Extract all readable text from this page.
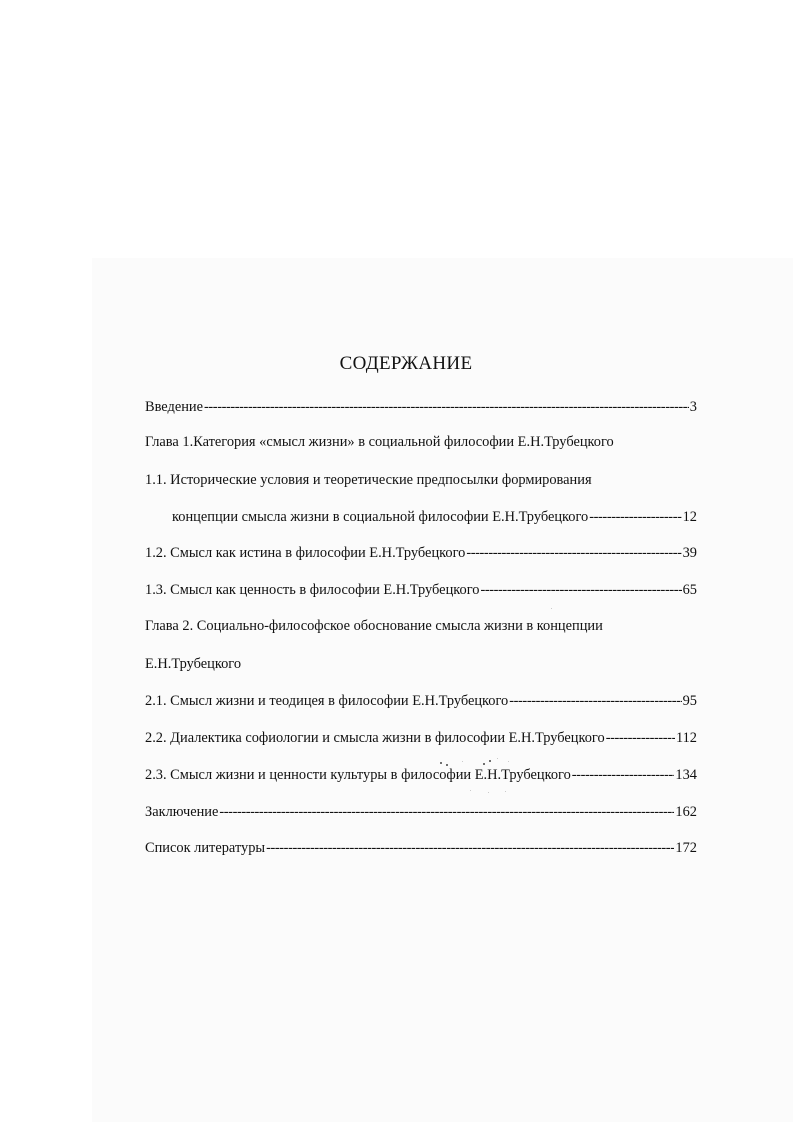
СОДЕРЖАНИЕ
Введение -----	3
Глава 1.Категория «смысл жизни» в социальной философии Е.Н.Трубецкого
1.1. Исторические условия и теоретические предпосылки формирования
концепции смысла жизни в социальной философии Е.Н.Трубецкого -----	12
1.2. Смысл как истина в философии Е.Н.Трубецкого -----	39
1.3. Смысл как ценность в философии Е.Н.Трубецкого -----	65
Глава 2. Социально-философское обоснование смысла жизни в концепции
Е.Н.Трубецкого
2.1. Смысл жизни и теодицея в философии Е.Н.Трубецкого -----	95
2.2. Диалектика софиологии и смысла жизни в философии Е.Н.Трубецкого -----	112
2.3. Смысл жизни и ценности культуры в философии Е.Н.Трубецкого -----	134
Заключение -----	162
Список литературы -----	172
